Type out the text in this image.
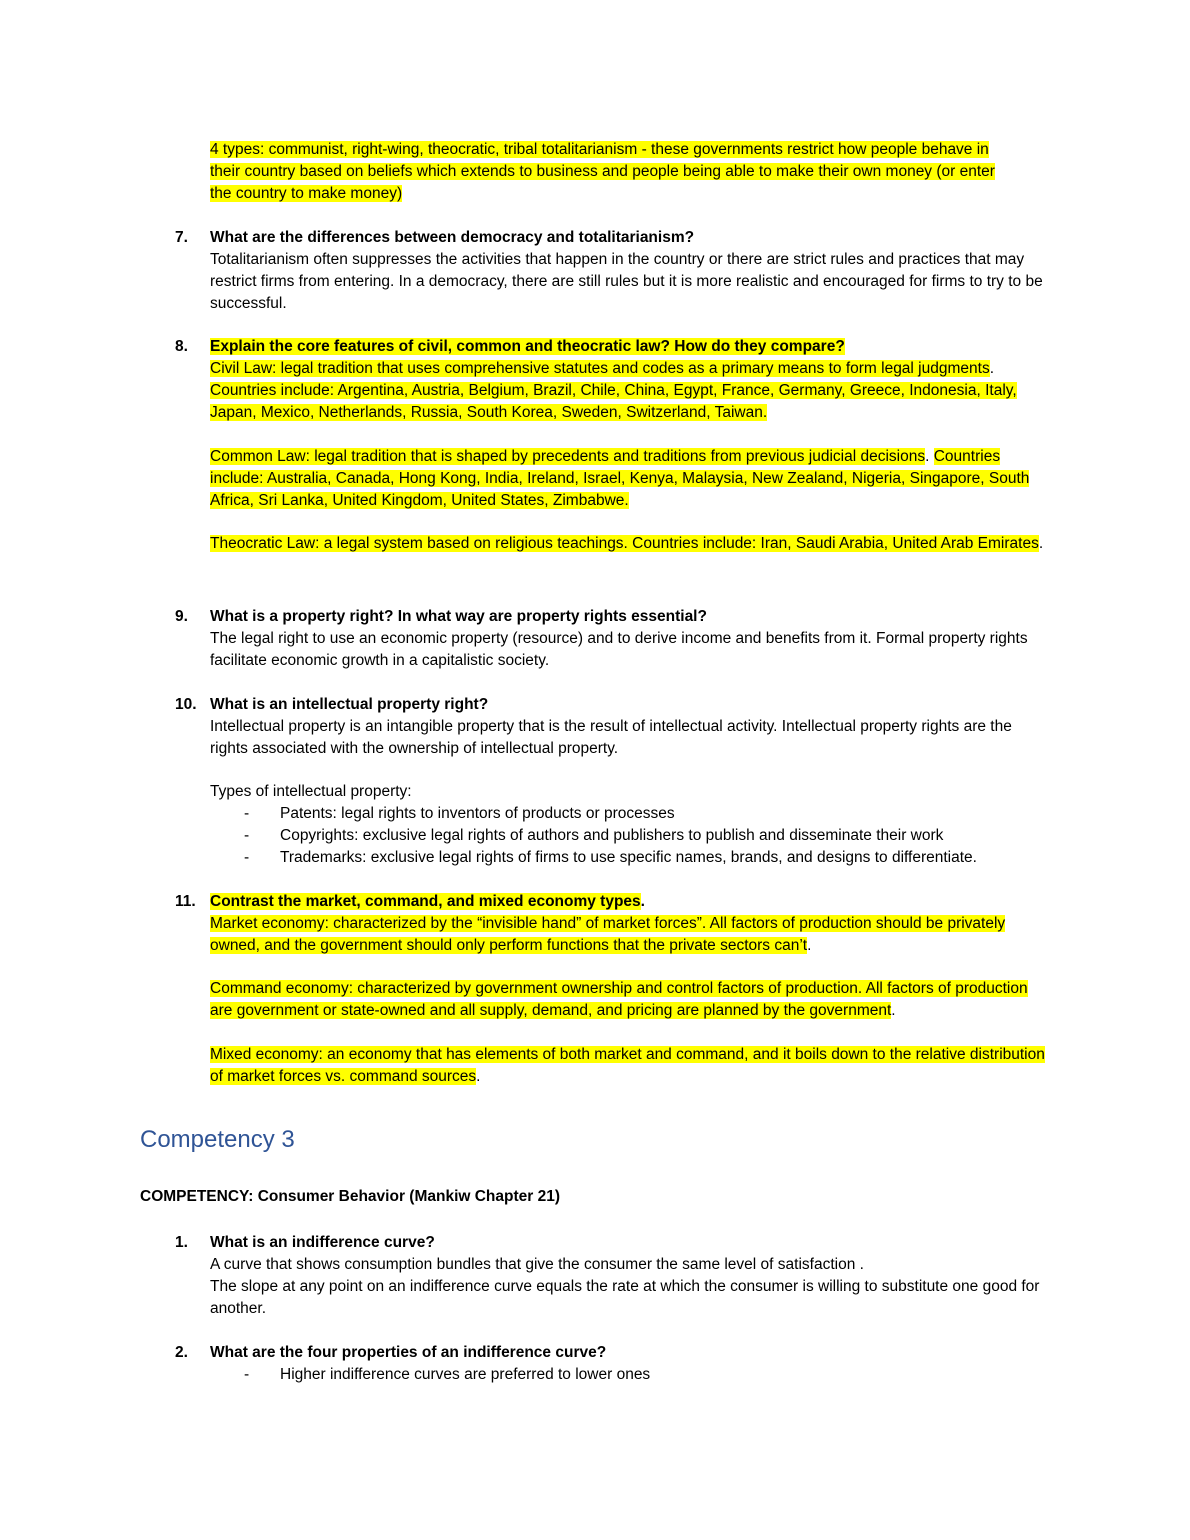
4 types: communist, right-wing, theocratic, tribal totalitarianism - these governments restrict how people behave in
their country based on beliefs which extends to business and people being able to make their own money (or enter
the country to make money)
7. What are the differences between democracy and totalitarianism?

Totalitarianism often suppresses the activities that happen in the country or there are strict rules and practices that may restrict firms from entering. In a democracy, there are still rules but it is more realistic and encouraged for firms to try to be successful.

8. Explain the core features of civil, common and theocratic law? How do they compare?

Civil Law: legal tradition that uses comprehensive statutes and codes as a primary means to form legal judgments. Countries include: Argentina, Austria, Belgium, Brazil, Chile, China, Egypt, France, Germany, Greece, Indonesia, Italy, Japan, Mexico, Netherlands, Russia, South Korea, Sweden, Switzerland, Taiwan.

Common Law: legal tradition that is shaped by precedents and traditions from previous judicial decisions. Countries include: Australia, Canada, Hong Kong, India, Ireland, Israel, Kenya, Malaysia, New Zealand, Nigeria, Singapore, South Africa, Sri Lanka, United Kingdom, United States, Zimbabwe.

Theocratic Law: a legal system based on religious teachings. Countries include: Iran, Saudi Arabia, United Arab Emirates.

9. What is a property right? In what way are property rights essential?

The legal right to use an economic property (resource) and to derive income and benefits from it. Formal property rights facilitate economic growth in a capitalistic society.

10. What is an intellectual property right?

Intellectual property is an intangible property that is the result of intellectual activity. Intellectual property rights are the rights associated with the ownership of intellectual property.

Types of intellectual property:

- Patents: legal rights to inventors of products or processes
- Copyrights: exclusive legal rights of authors and publishers to publish and disseminate their work
- Trademarks: exclusive legal rights of firms to use specific names, brands, and designs to differentiate.
11. Contrast the market, command, and mixed economy types.

Market economy: characterized by the “invisible hand” of market forces”. All factors of production should be privately owned, and the government should only perform functions that the private sectors can’t.

Command economy: characterized by government ownership and control factors of production. All factors of production are government or state-owned and all supply, demand, and pricing are planned by the government.

Mixed economy: an economy that has elements of both market and command, and it boils down to the relative distribution of market forces vs. command sources.

Competency 3
COMPETENCY: Consumer Behavior (Mankiw Chapter 21)
1. What is an indifference curve?

A curve that shows consumption bundles that give the consumer the same level of satisfaction .

The slope at any point on an indifference curve equals the rate at which the consumer is willing to substitute one good for another.

2. What are the four properties of an indifference curve?
- Higher indifference curves are preferred to lower ones
